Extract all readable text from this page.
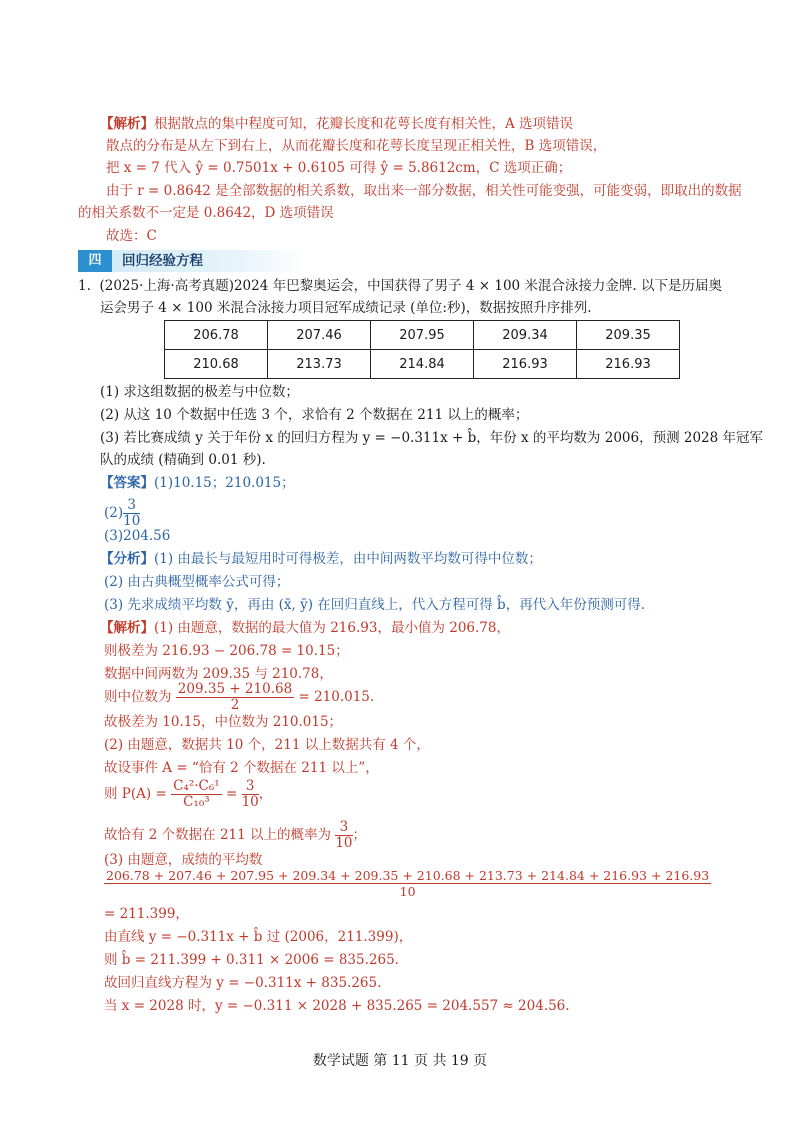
【解析】根据散点的集中程度可知，花瓣长度和花萼长度有相关性，A 选项错误
散点的分布是从左下到右上，从而花瓣长度和花萼长度呈现正相关性，B 选项错误，
把 x = 7 代入 ŷ = 0.7501x + 0.6105 可得 ŷ = 5.8612cm，C 选项正确；
由于 r = 0.8642 是全部数据的相关系数，取出来一部分数据，相关性可能变强，可能变弱，即取出的数据
的相关系数不一定是 0.8642，D 选项错误
故选：C
四	回归经验方程
1. (2025·上海·高考真题)2024 年巴黎奥运会，中国获得了男子 4 × 100 米混合泳接力金牌. 以下是历届奥
运会男子 4 × 100 米混合泳接力项目冠军成绩记录 (单位:秒)，数据按照升序排列.
206.78	207.46	207.95	209.34	209.35
210.68	213.73	214.84	216.93	216.93
(1) 求这组数据的极差与中位数；
(2) 从这 10 个数据中任选 3 个，求恰有 2 个数据在 211 以上的概率；
(3) 若比赛成绩 y 关于年份 x 的回归方程为 y = −0.311x + b̂，年份 x 的平均数为 2006，预测 2028 年冠军
队的成绩 (精确到 0.01 秒).
【答案】(1)10.15；210.015；
$(2) \frac{3}{10}$
(3)204.56
【分析】(1) 由最长与最短用时可得极差，由中间两数平均数可得中位数；
(2) 由古典概型概率公式可得；
(3) 先求成绩平均数 ȳ，再由 (x̄, ȳ) 在回归直线上，代入方程可得 b̂，再代入年份预测可得.
【解析】(1) 由题意，数据的最大值为 216.93，最小值为 206.78，
则极差为 216.93 − 206.78 = 10.15；
数据中间两数为 209.35 与 210.78，
则中位数为 $\frac{209.35 + 210.68}{2} = 210.015$.
故极差为 10.15，中位数为 210.015；
(2) 由题意，数据共 10 个，211 以上数据共有 4 个，
故设事件 A = “恰有 2 个数据在 211 以上”，
则 $P(A) = \frac{\text{C₄²·C₆¹}}{\text{C₁₀³}} = \frac{3}{10}$ ，
故恰有 2 个数据在 211 以上的概率为 $\frac{3}{10}$ ；
(3) 由题意，成绩的平均数
206.78 + 207.46 + 207.95 + 209.34 + 209.35 + 210.68 + 213.73 + 214.84 + 216.93 + 216.93
10
= 211.399，
由直线 y = −0.311x + b̂ 过 (2006，211.399)，
则 b̂ = 211.399 + 0.311 × 2006 = 835.265.
故回归直线方程为 y = −0.311x + 835.265.
当 x = 2028 时，y = −0.311 × 2028 + 835.265 = 204.557 ≈ 204.56.
数学试题 第 11 页 共 19 页
